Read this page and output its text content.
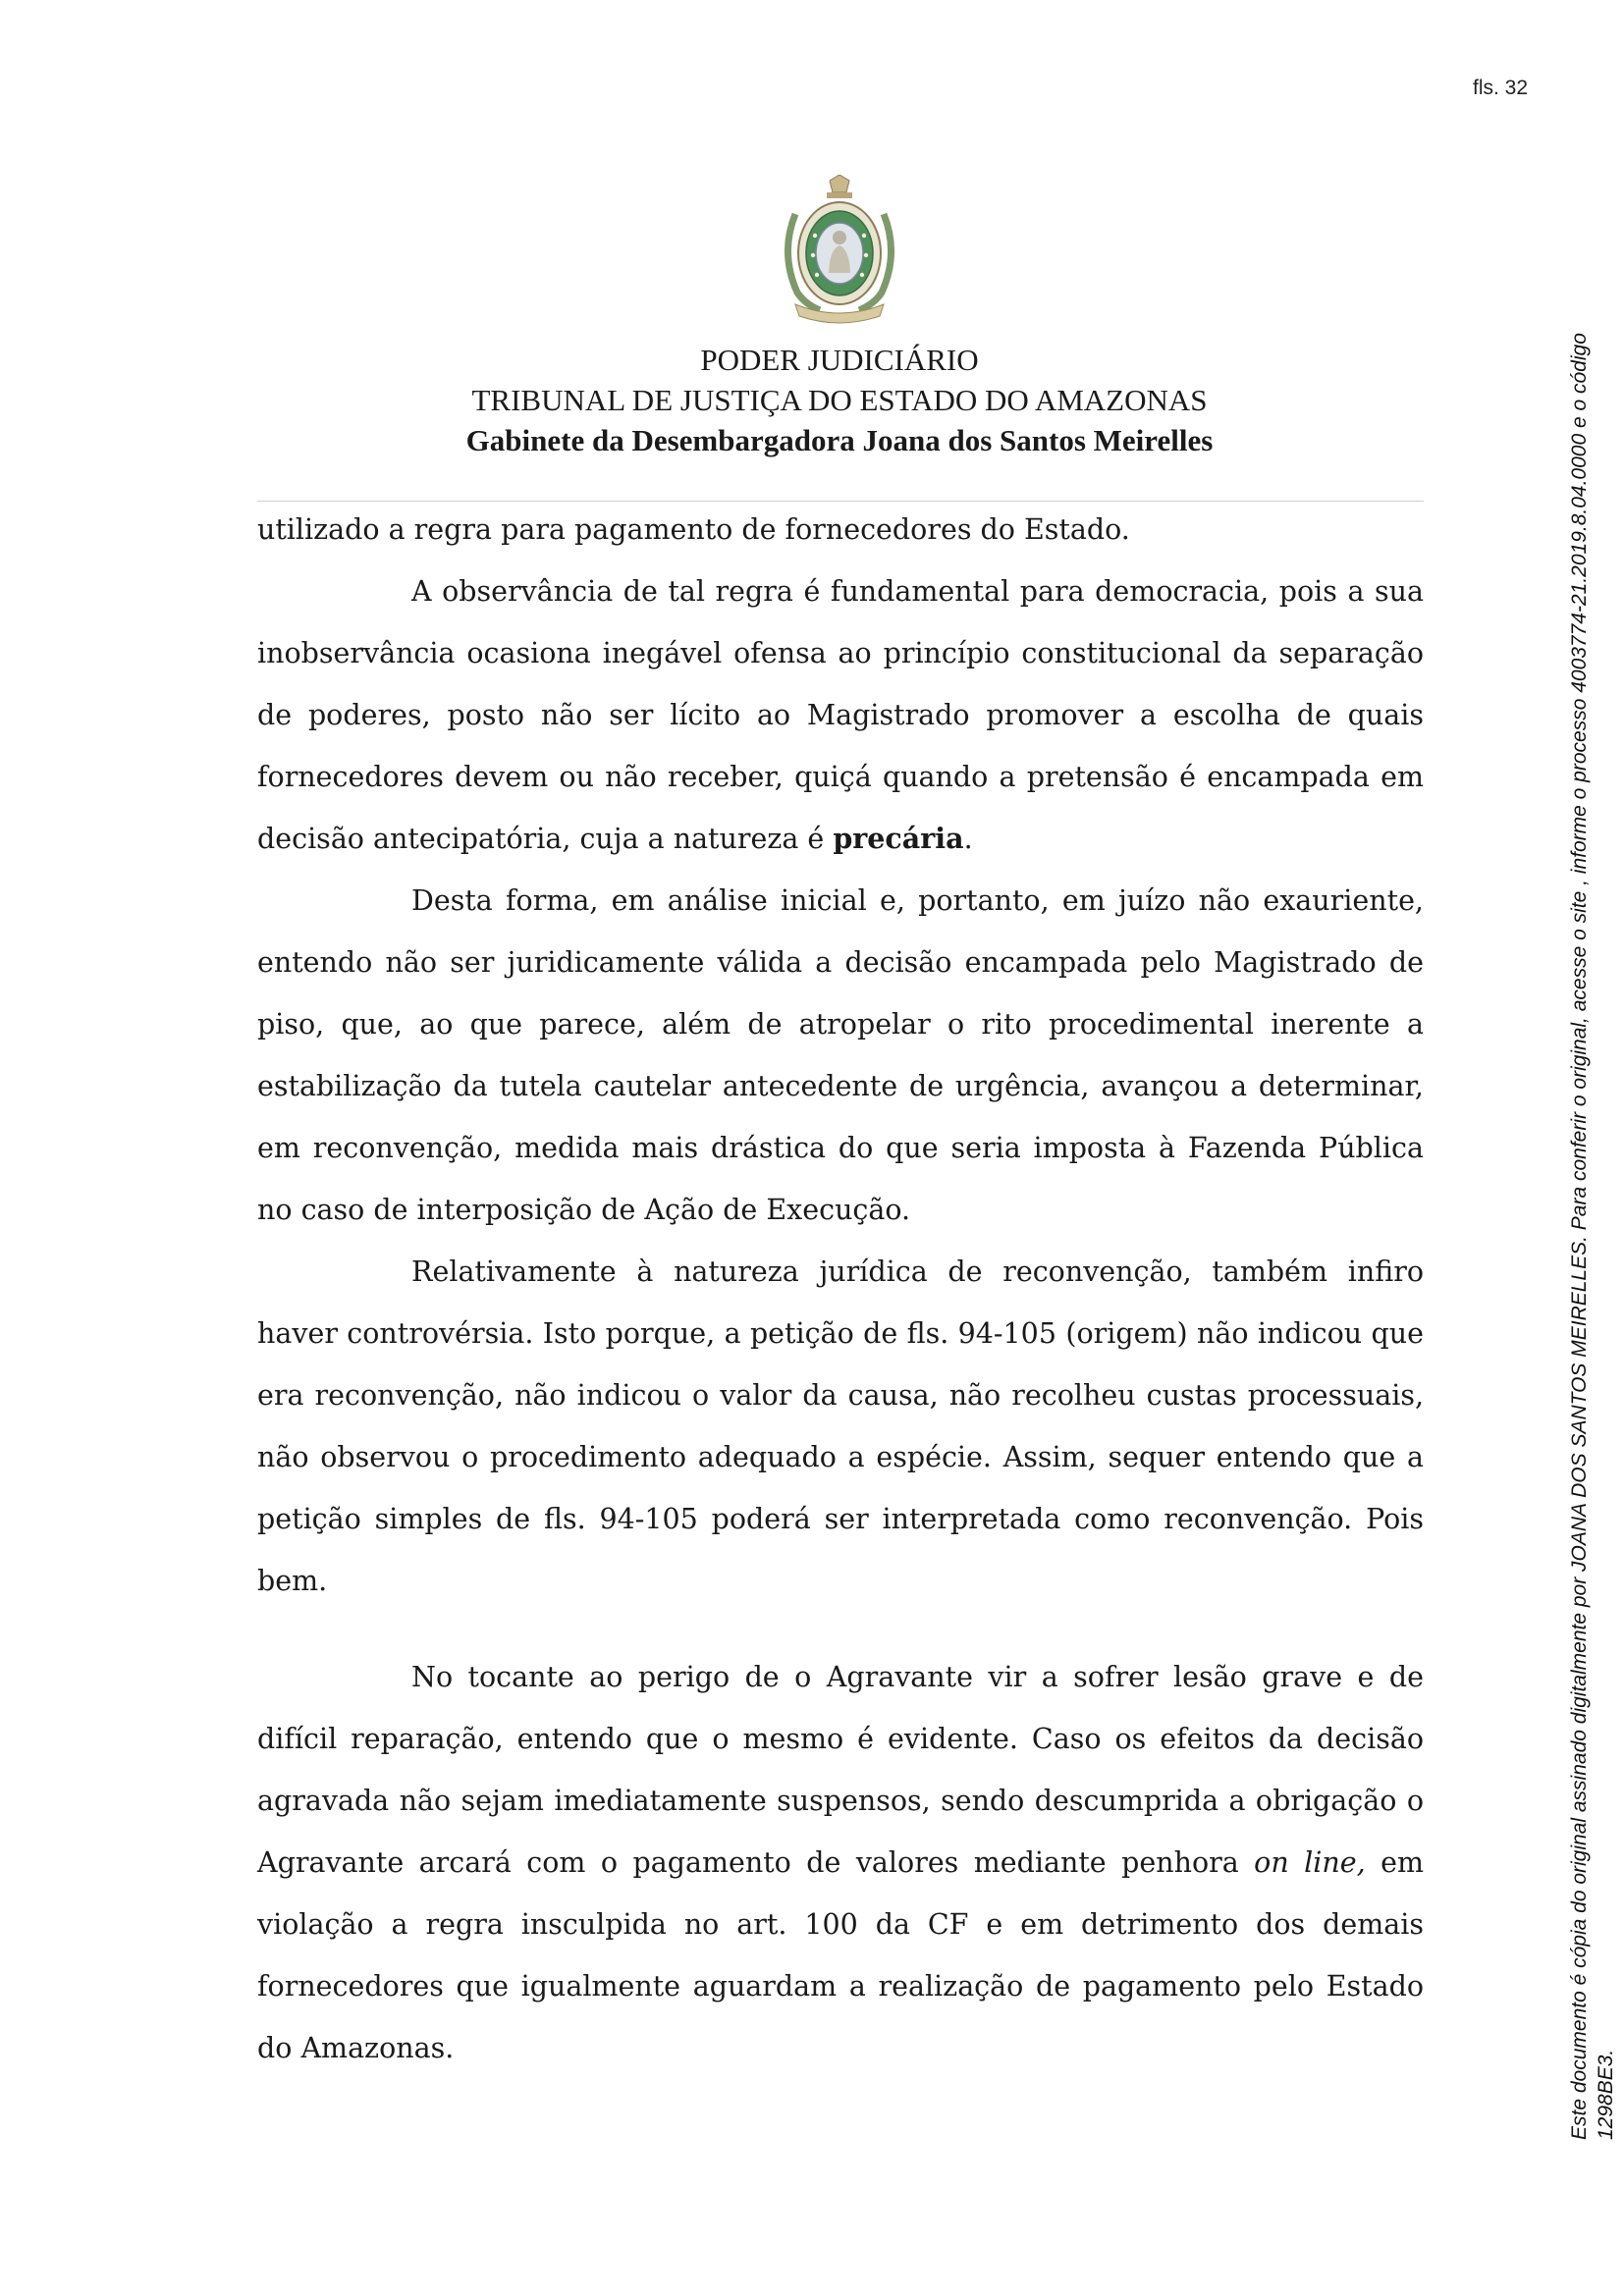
fls. 32
PODER JUDICIÁRIO
TRIBUNAL DE JUSTIÇA DO ESTADO DO AMAZONAS
Gabinete da Desembargadora Joana dos Santos Meirelles

utilizado a regra para pagamento de fornecedores do Estado.

A observância de tal regra é fundamental para democracia, pois a sua inobservância ocasiona inegável ofensa ao princípio constitucional da separação de poderes, posto não ser lícito ao Magistrado promover a escolha de quais fornecedores devem ou não receber, quiçá quando a pretensão é encampada em decisão antecipatória, cuja a natureza é precária.

Desta forma, em análise inicial e, portanto, em juízo não exauriente, entendo não ser juridicamente válida a decisão encampada pelo Magistrado de piso, que, ao que parece, além de atropelar o rito procedimental inerente a estabilização da tutela cautelar antecedente de urgência, avançou a determinar, em reconvenção, medida mais drástica do que seria imposta à Fazenda Pública no caso de interposição de Ação de Execução.

Relativamente à natureza jurídica de reconvenção, também infiro haver controvérsia. Isto porque, a petição de fls. 94-105 (origem) não indicou que era reconvenção, não indicou o valor da causa, não recolheu custas processuais, não observou o procedimento adequado a espécie. Assim, sequer entendo que a petição simples de fls. 94-105 poderá ser interpretada como reconvenção. Pois bem.

No tocante ao perigo de o Agravante vir a sofrer lesão grave e de difícil reparação, entendo que o mesmo é evidente. Caso os efeitos da decisão agravada não sejam imediatamente suspensos, sendo descumprida a obrigação o Agravante arcará com o pagamento de valores mediante penhora on line, em violação a regra insculpida no art. 100 da CF e em detrimento dos demais fornecedores que igualmente aguardam a realização de pagamento pelo Estado do Amazonas.	Este documento é cópia do original assinado digitalmente por JOANA DOS SANTOS MEIRELLES. Para conferir o original, acesse o site , informe o processo 4003774-21.2019.8.04.0000 e o código 1298BE3.
